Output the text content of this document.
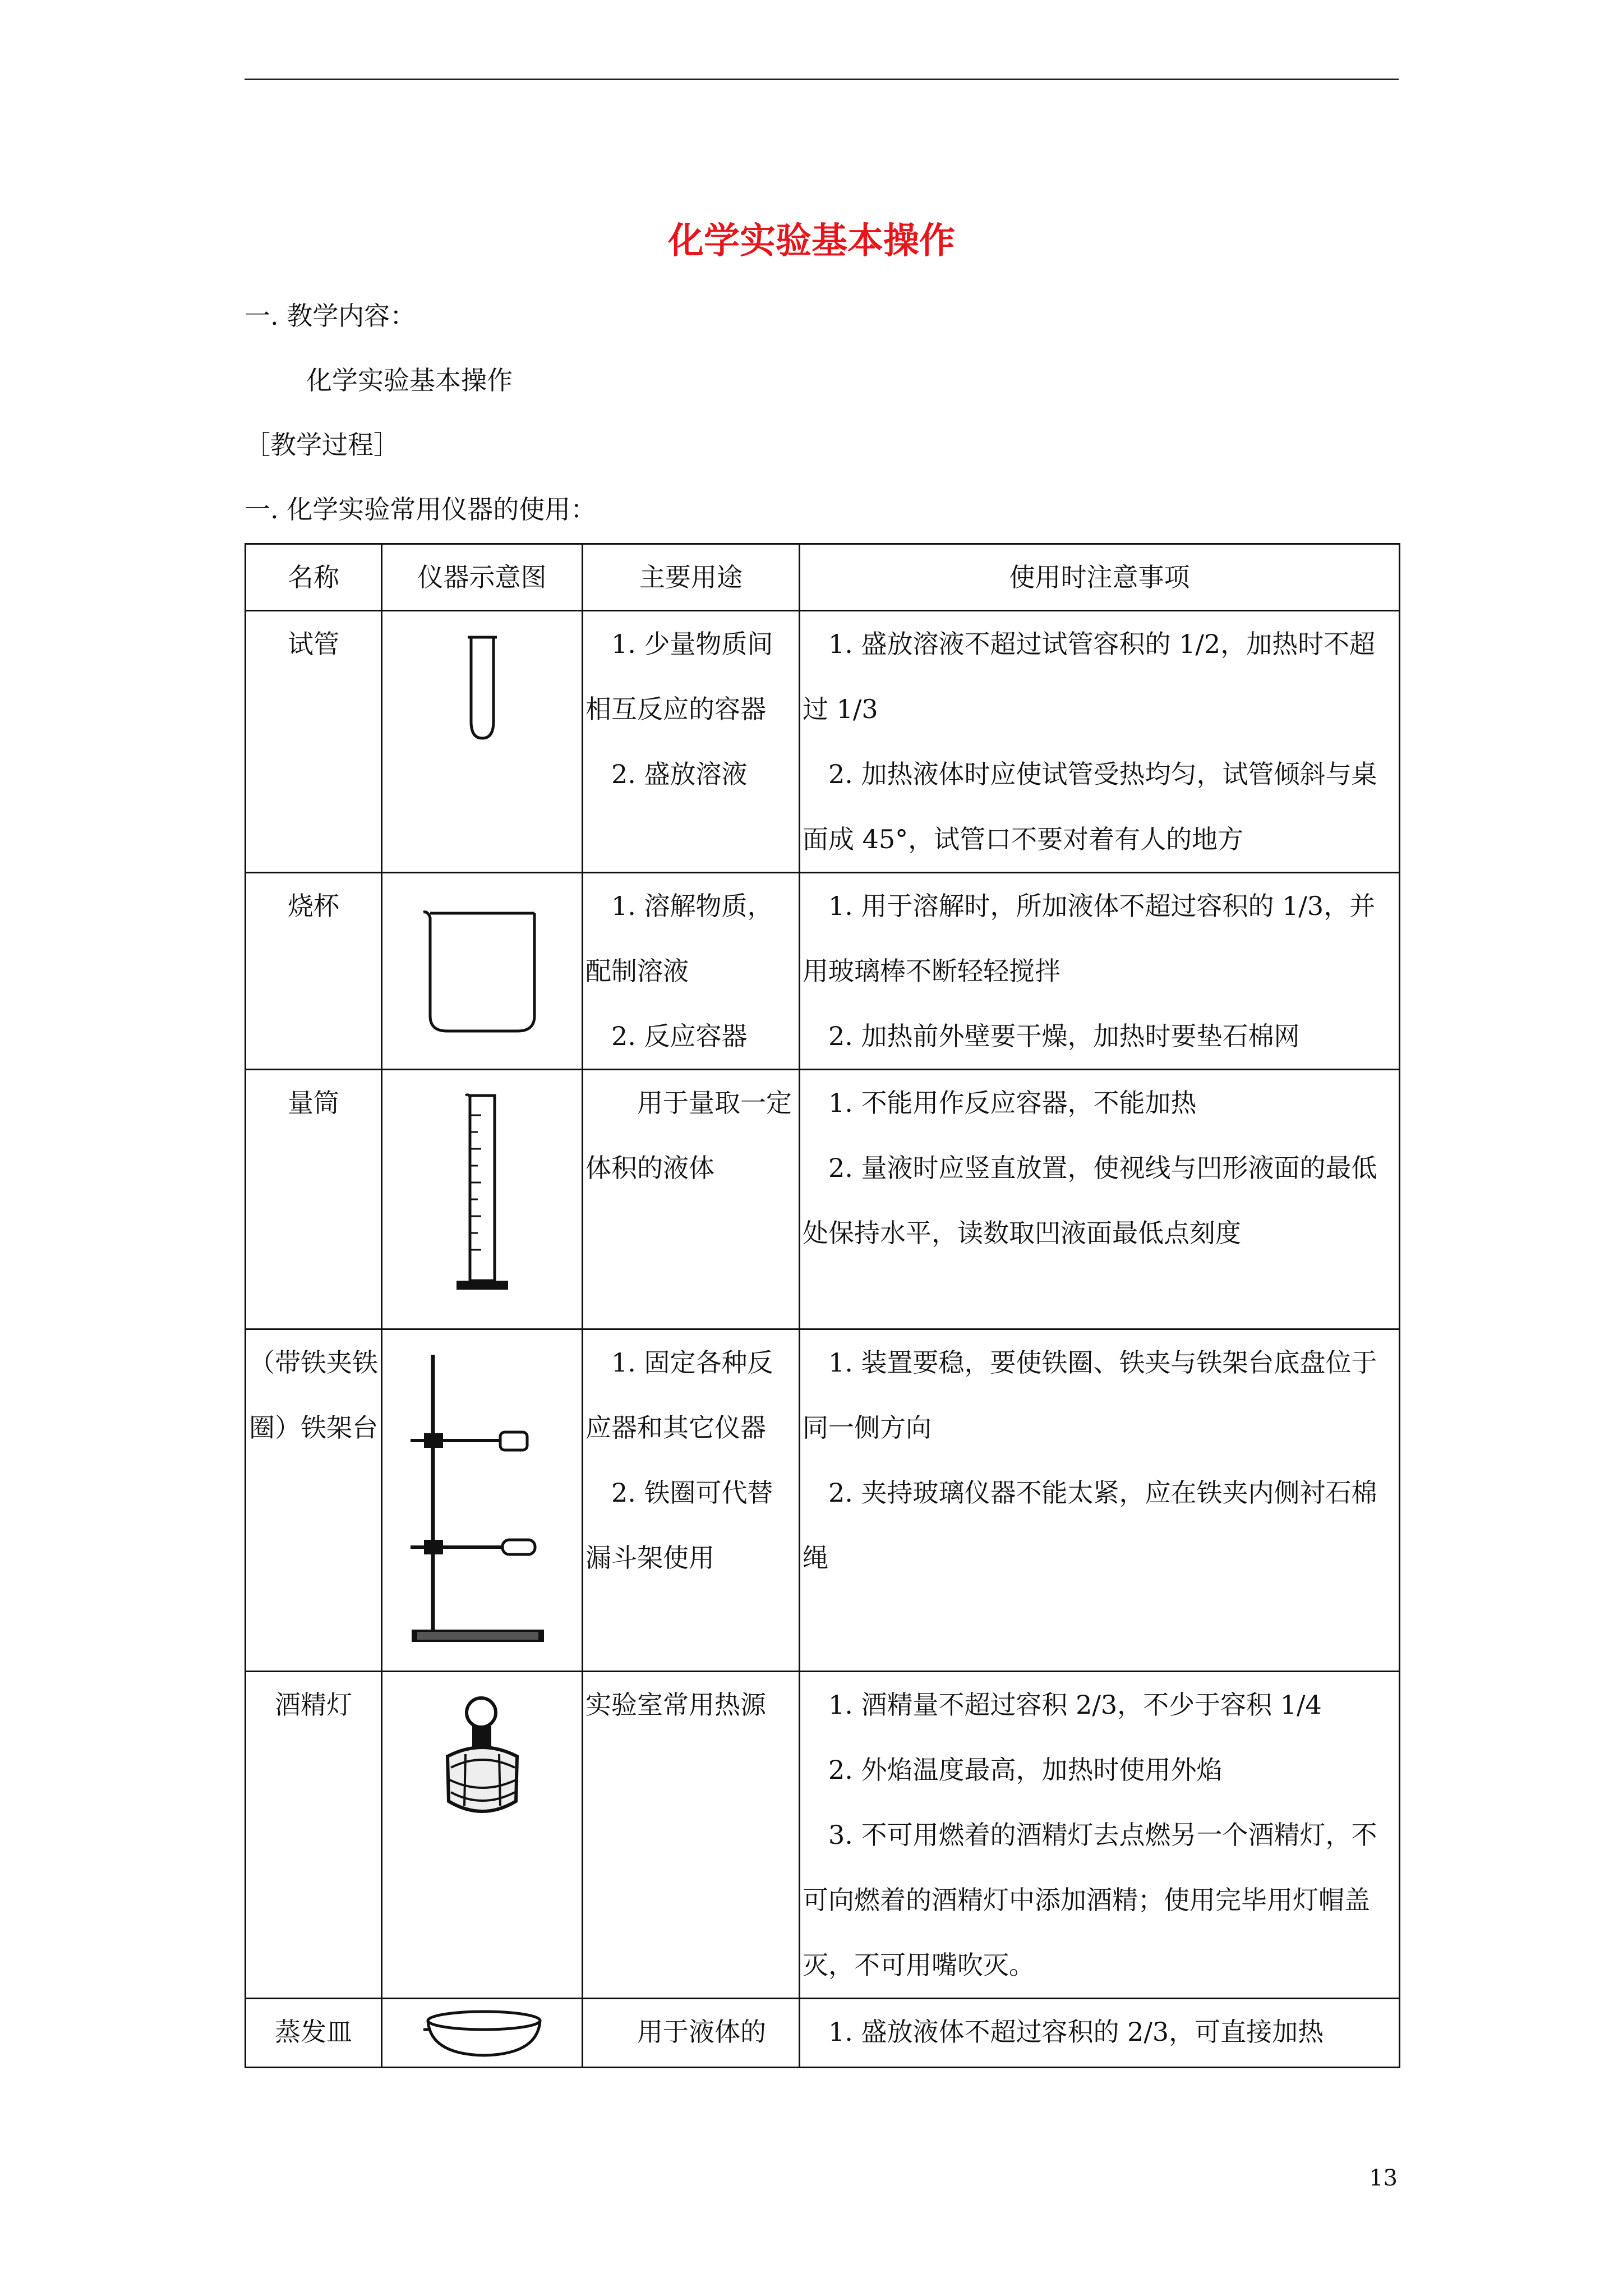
化学实验基本操作
一. 教学内容：
化学实验基本操作
［教学过程］
一. 化学实验常用仪器的使用：
名称	仪器示意图	主要用途	使用时注意事项
试管		　1. 少量物质间相互反应的容器
　2. 盛放溶液	　1. 盛放溶液不超过试管容积的 1/2，加热时不超过 1/3
　2. 加热液体时应使试管受热均匀，试管倾斜与桌面成 45°，试管口不要对着有人的地方

烧杯		　1. 溶解物质，配制溶液
　2. 反应容器	　1. 用于溶解时，所加液体不超过容积的 1/3，并用玻璃棒不断轻轻搅拌
　2. 加热前外壁要干燥，加热时要垫石棉网

量筒		　　用于量取一定体积的液体	　1. 不能用作反应容器，不能加热
　2. 量液时应竖直放置，使视线与凹形液面的最低处保持水平，读数取凹液面最低点刻度

（带铁夹铁圈）铁架台		　1. 固定各种反应器和其它仪器
　2. 铁圈可代替漏斗架使用	　1. 装置要稳，要使铁圈、铁夹与铁架台底盘位于同一侧方向
　2. 夹持玻璃仪器不能太紧，应在铁夹内侧衬石棉绳

酒精灯		实验室常用热源	　1. 酒精量不超过容积 2/3，不少于容积 1/4
　2. 外焰温度最高，加热时使用外焰
　3. 不可用燃着的酒精灯去点燃另一个酒精灯，不可向燃着的酒精灯中添加酒精；使用完毕用灯帽盖灭，不可用嘴吹灭。

蒸发皿		　　用于液体的	　1. 盛放液体不超过容积的 2/3，可直接加热
13
